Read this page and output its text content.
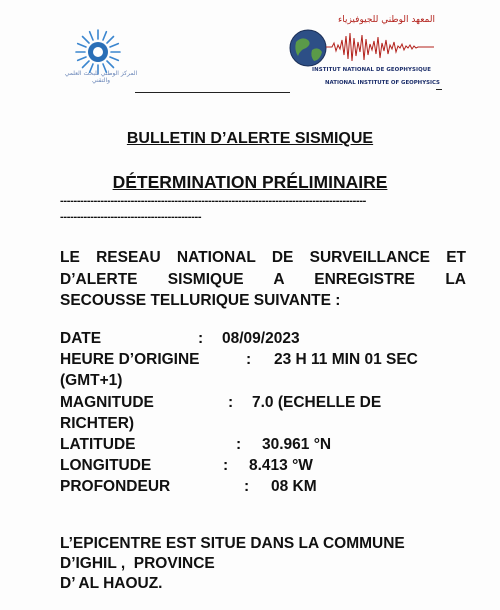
المركز الوطني للبحث العلمي والتقني
المعهد الوطني للجيوفيزياء
INSTITUT NATIONAL DE GEOPHYSIQUE
NATIONAL INSTITUTE OF GEOPHYSICS
BULLETIN D’ALERTE SISMIQUE
DÉTERMINATION PRÉLIMINAIRE
-------------------------------------------------------------------------------------------
------------------------------------------
LE RESEAU NATIONAL DE SURVEILLANCE ET
D’ALERTE SISMIQUE A ENREGISTRE LA
SECOUSSE TELLURIQUE SUIVANTE :
DATE	: 08/09/2023
HEURE D’ORIGINE	: 23 H 11 MIN 01 SEC
(GMT+1)
MAGNITUDE	: 7.0 (ECHELLE DE
RICHTER)
LATITUDE	: 30.961 °N
LONGITUDE	: 8.413 °W
PROFONDEUR	: 08 KM
L’EPICENTRE EST SITUE DANS LA COMMUNE
D’IGHIL ,  PROVINCE
D’ AL HAOUZ.
